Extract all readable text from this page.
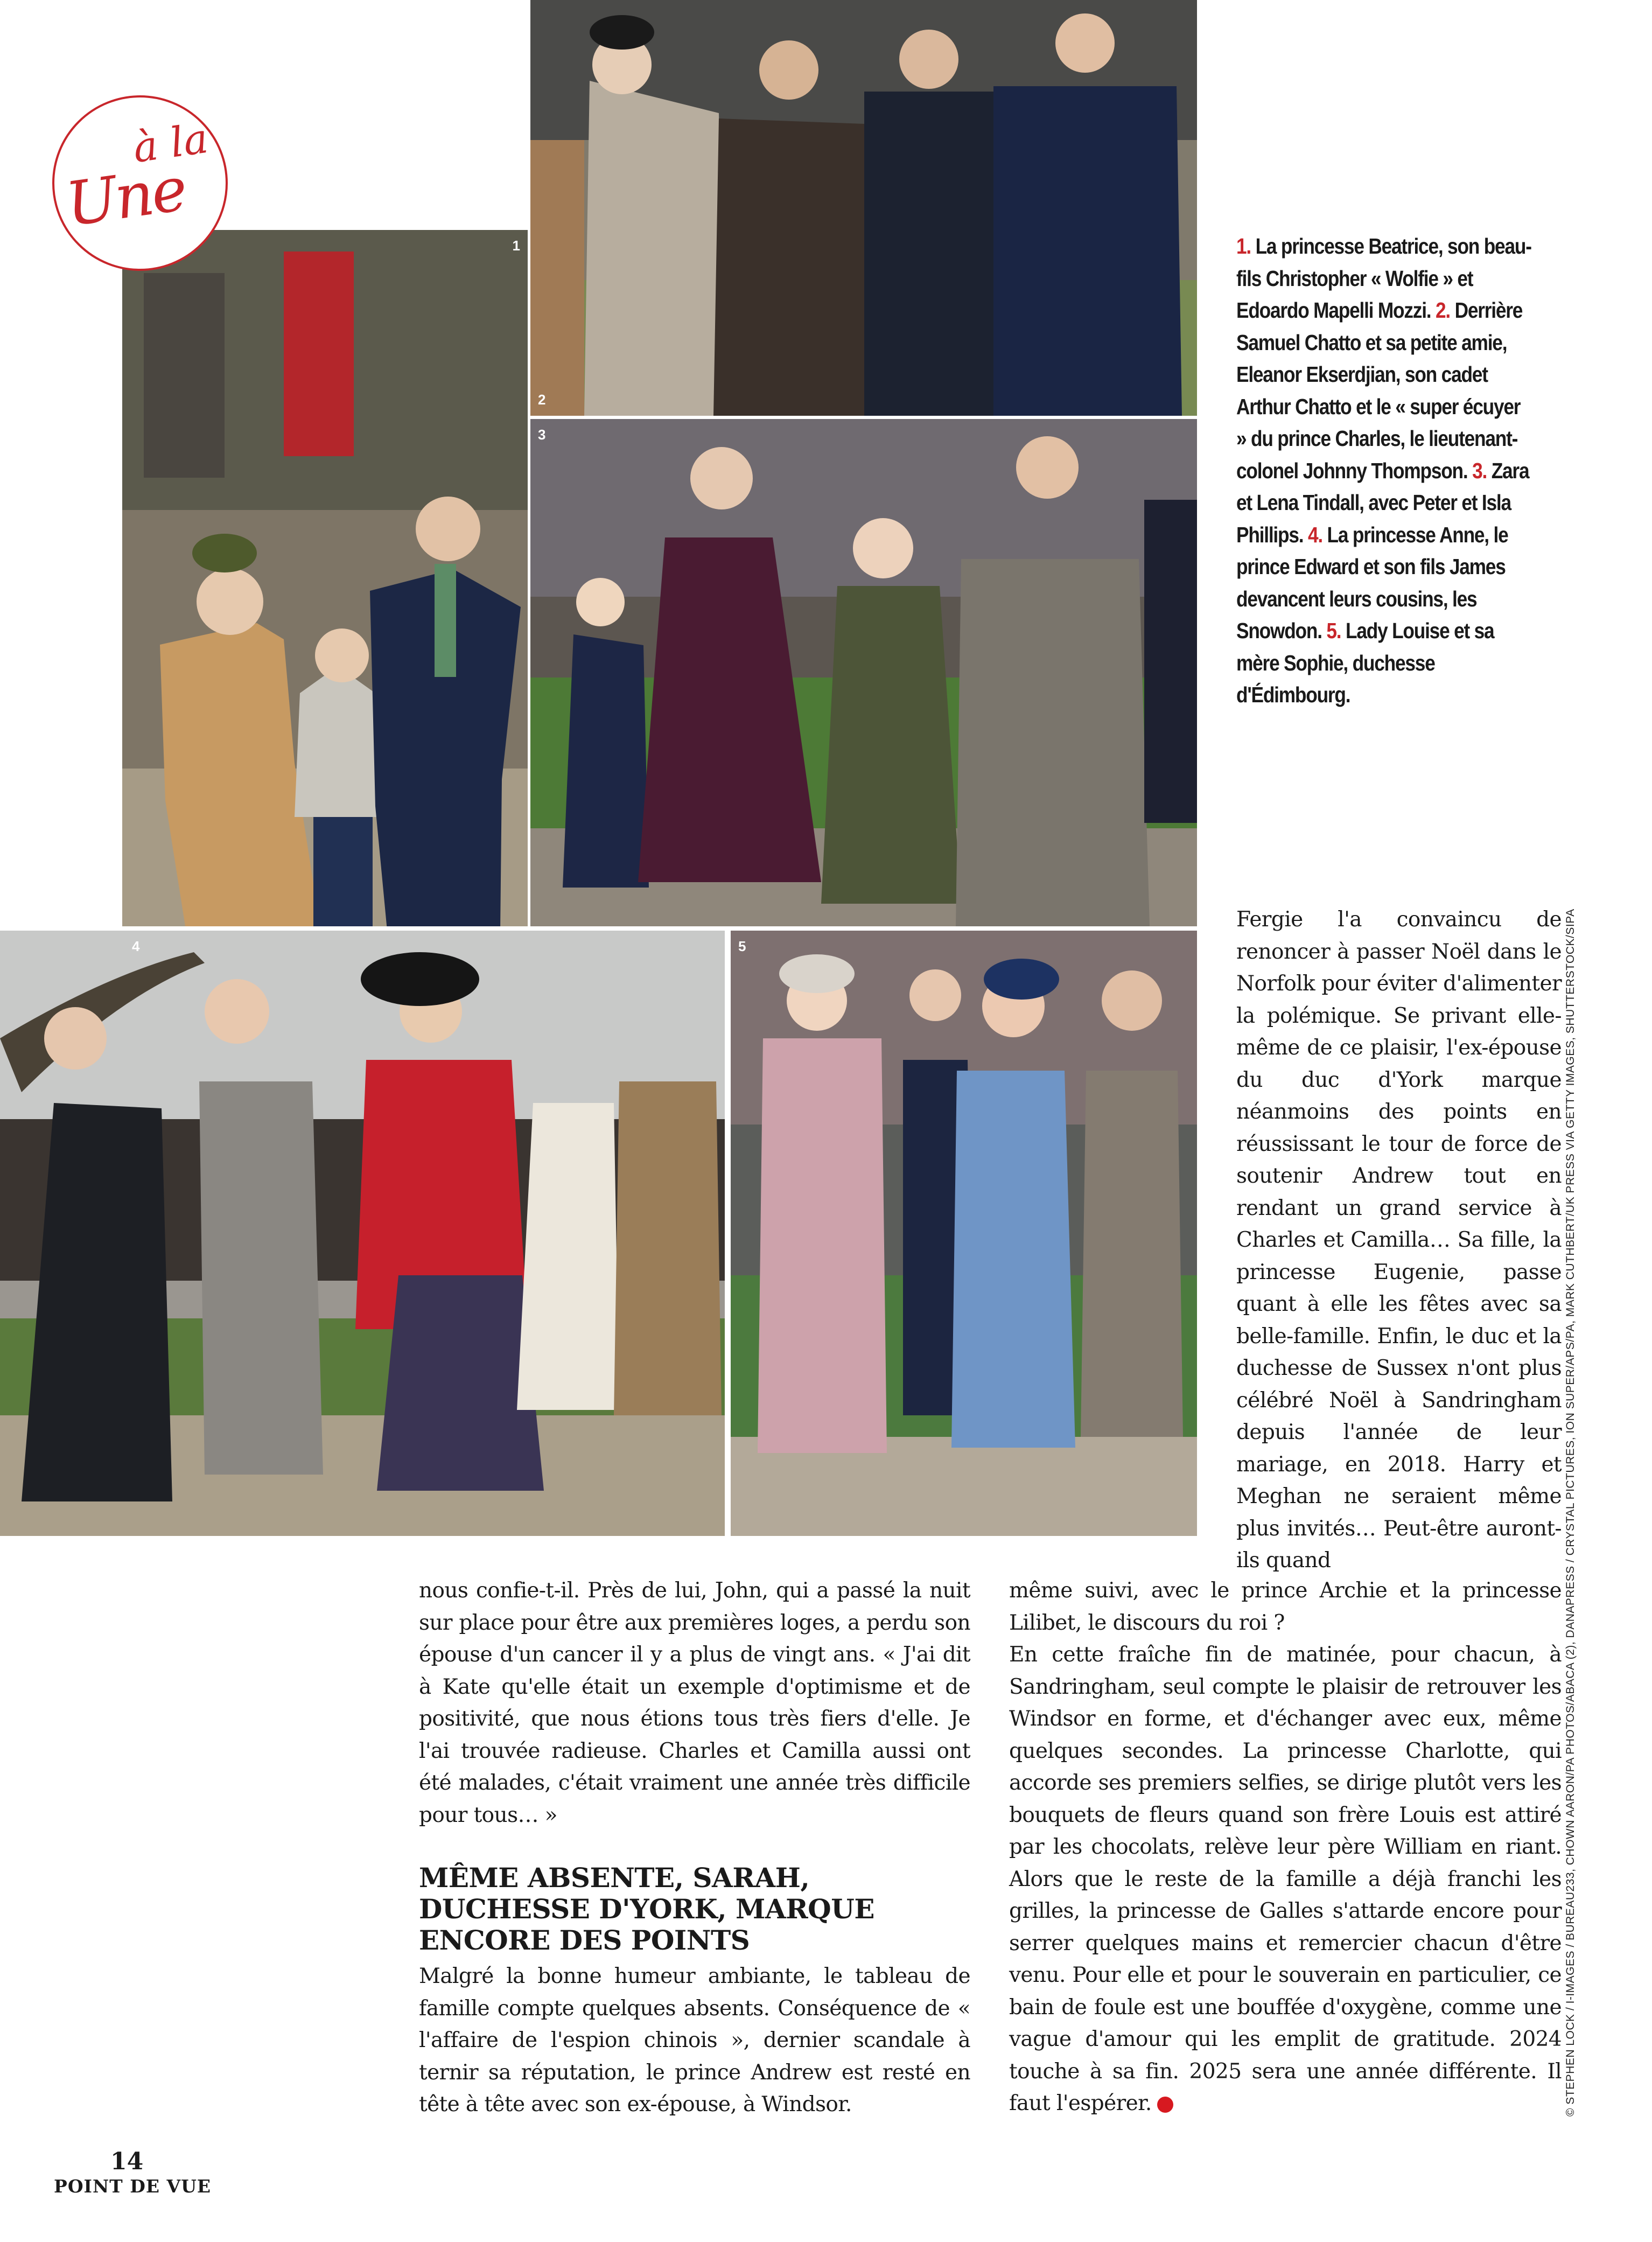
à la
Une
1
2
3
4	5
1. La princesse Beatrice, son beau-fils Christopher « Wolfie » et Edoardo Mapelli Mozzi. 2. Derrière Samuel Chatto et sa petite amie, Eleanor Ekserdjian, son cadet Arthur Chatto et le « super écuyer » du prince Charles, le lieutenant-colonel Johnny Thompson. 3. Zara et Lena Tindall, avec Peter et Isla Phillips. 4. La princesse Anne, le prince Edward et son fils James devancent leurs cousins, les Snowdon. 5. Lady Louise et sa mère Sophie, duchesse d'Édimbourg.

Fergie l'a convaincu de renoncer à passer Noël dans le Norfolk pour éviter d'alimenter la polémique. Se privant elle-même de ce plaisir, l'ex-épouse du duc d'York marque néanmoins des points en réussissant le tour de force de soutenir Andrew tout en rendant un grand service à Charles et Camilla… Sa fille, la princesse Eugenie, passe quant à elle les fêtes avec sa belle-famille. Enfin, le duc et la duchesse de Sussex n'ont plus célébré Noël à Sandringham depuis l'année de leur mariage, en 2018. Harry et Meghan ne seraient même plus invités… Peut-être auront-ils quand

nous confie-t-il. Près de lui, John, qui a passé la nuit sur place pour être aux premières loges, a perdu son épouse d'un cancer il y a plus de vingt ans. « J'ai dit à Kate qu'elle était un exemple d'optimisme et de positivité, que nous étions tous très fiers d'elle. Je l'ai trouvée radieuse. Charles et Camilla aussi ont été malades, c'était vraiment une année très difficile pour tous… »

MÊME ABSENTE, SARAH, DUCHESSE D'YORK, MARQUE ENCORE DES POINTS

Malgré la bonne humeur ambiante, le tableau de famille compte quelques absents. Conséquence de « l'affaire de l'espion chinois », dernier scandale à ternir sa réputation, le prince Andrew est resté en tête à tête avec son ex-épouse, à Windsor.

même suivi, avec le prince Archie et la princesse Lilibet, le discours du roi ?

En cette fraîche fin de matinée, pour chacun, à Sandringham, seul compte le plaisir de retrouver les Windsor en forme, et d'échanger avec eux, même quelques secondes. La princesse Charlotte, qui accorde ses premiers selfies, se dirige plutôt vers les bouquets de fleurs quand son frère Louis est attiré par les chocolats, relève leur père William en riant. Alors que le reste de la famille a déjà franchi les grilles, la princesse de Galles s'attarde encore pour serrer quelques mains et remercier chacun d'être venu. Pour elle et pour le souverain en particulier, ce bain de foule est une bouffée d'oxygène, comme une vague d'amour qui les emplit de gratitude. 2024 touche à sa fin. 2025 sera une année différente. Il faut l'espérer.	© STEPHEN LOCK / I-IMAGES / BUREAU233, CHOWN AARON/PA PHOTOS/ABACA (2), DANAPRESS / CRYSTAL PICTURES, ION SUPER/APS/PA, MARK CUTHBERT/UK PRESS VIA GETTY IMAGES, SHUTTERSTOCK/SIPA
14
POINT DE VUE
